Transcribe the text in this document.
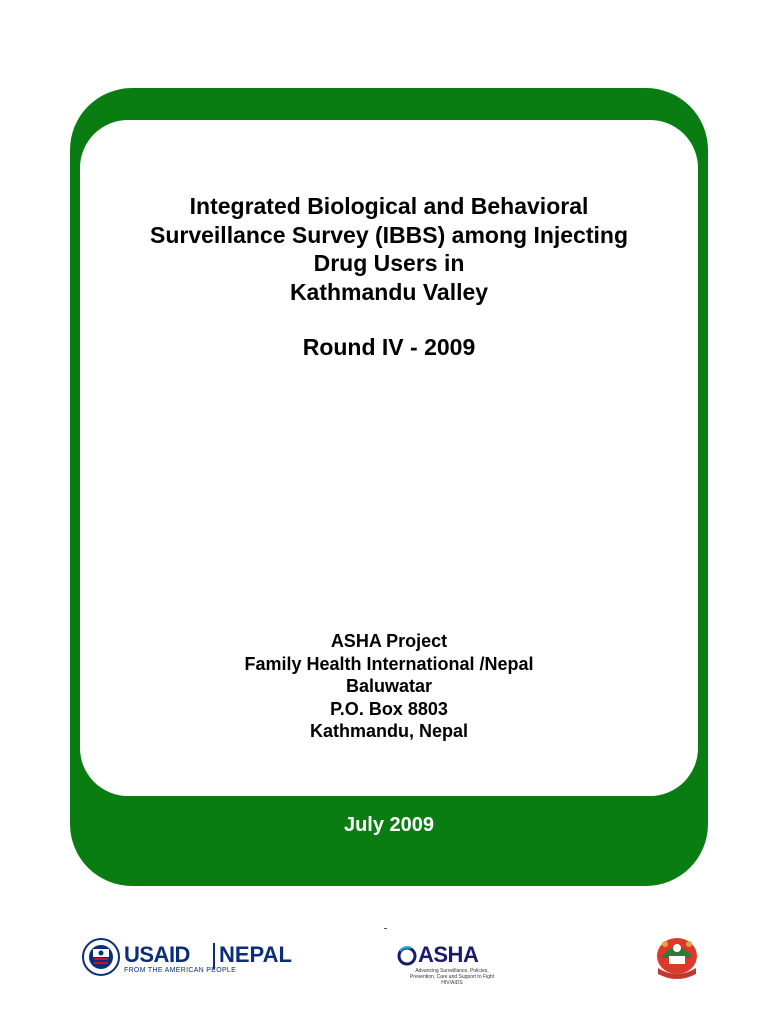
Integrated Biological and Behavioral
Surveillance Survey (IBBS) among Injecting
Drug Users in
Kathmandu Valley
Round IV - 2009
ASHA Project
Family Health International /Nepal
Baluwatar
P.O. Box 8803
Kathmandu, Nepal
July 2009
USAID NEPAL
FROM THE AMERICAN PEOPLE
ASHA
Advancing Surveillance, Policies, Prevention, Care and Support to Fight HIV/AIDS
